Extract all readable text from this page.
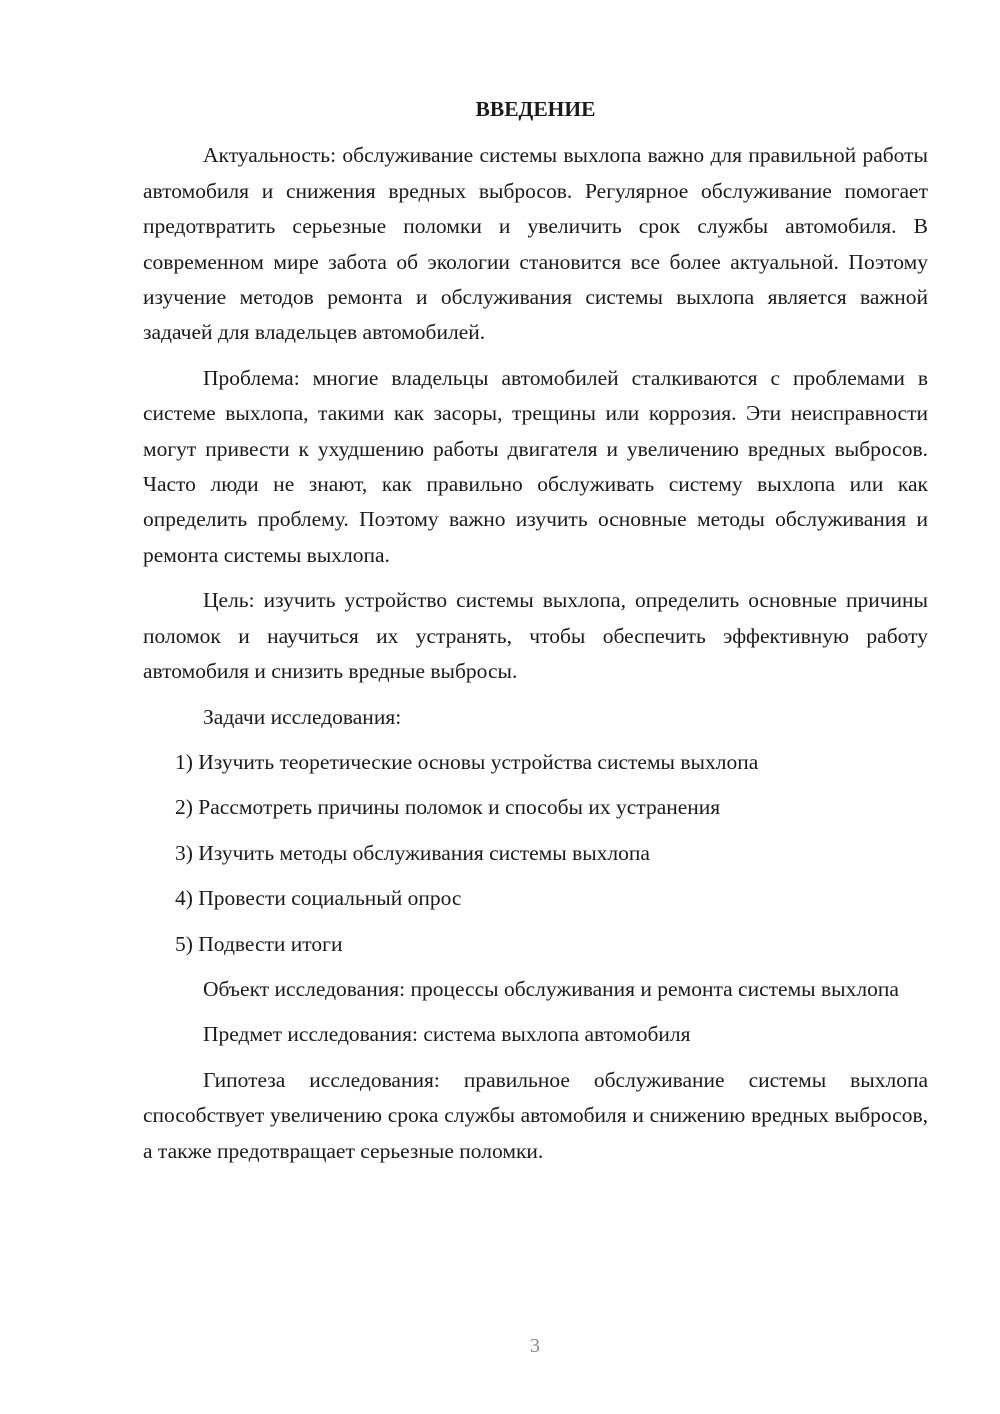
ВВЕДЕНИЕ

Актуальность: обслуживание системы выхлопа важно для правильной работы автомобиля и снижения вредных выбросов. Регулярное обслуживание помогает предотвратить серьезные поломки и увеличить срок службы автомобиля. В современном мире забота об экологии становится все более актуальной. Поэтому изучение методов ремонта и обслуживания системы выхлопа является важной задачей для владельцев автомобилей.

Проблема: многие владельцы автомобилей сталкиваются с проблемами в системе выхлопа, такими как засоры, трещины или коррозия. Эти неисправности могут привести к ухудшению работы двигателя и увеличению вредных выбросов. Часто люди не знают, как правильно обслуживать систему выхлопа или как определить проблему. Поэтому важно изучить основные методы обслуживания и ремонта системы выхлопа.

Цель: изучить устройство системы выхлопа, определить основные причины поломок и научиться их устранять, чтобы обеспечить эффективную работу автомобиля и снизить вредные выбросы.

Задачи исследования:

1) Изучить теоретические основы устройства системы выхлопа

2) Рассмотреть причины поломок и способы их устранения

3) Изучить методы обслуживания системы выхлопа

4) Провести социальный опрос

5) Подвести итоги

Объект исследования: процессы обслуживания и ремонта системы выхлопа

Предмет исследования: система выхлопа автомобиля

Гипотеза исследования: правильное обслуживание системы выхлопа способствует увеличению срока службы автомобиля и снижению вредных выбросов, а также предотвращает серьезные поломки.

3
